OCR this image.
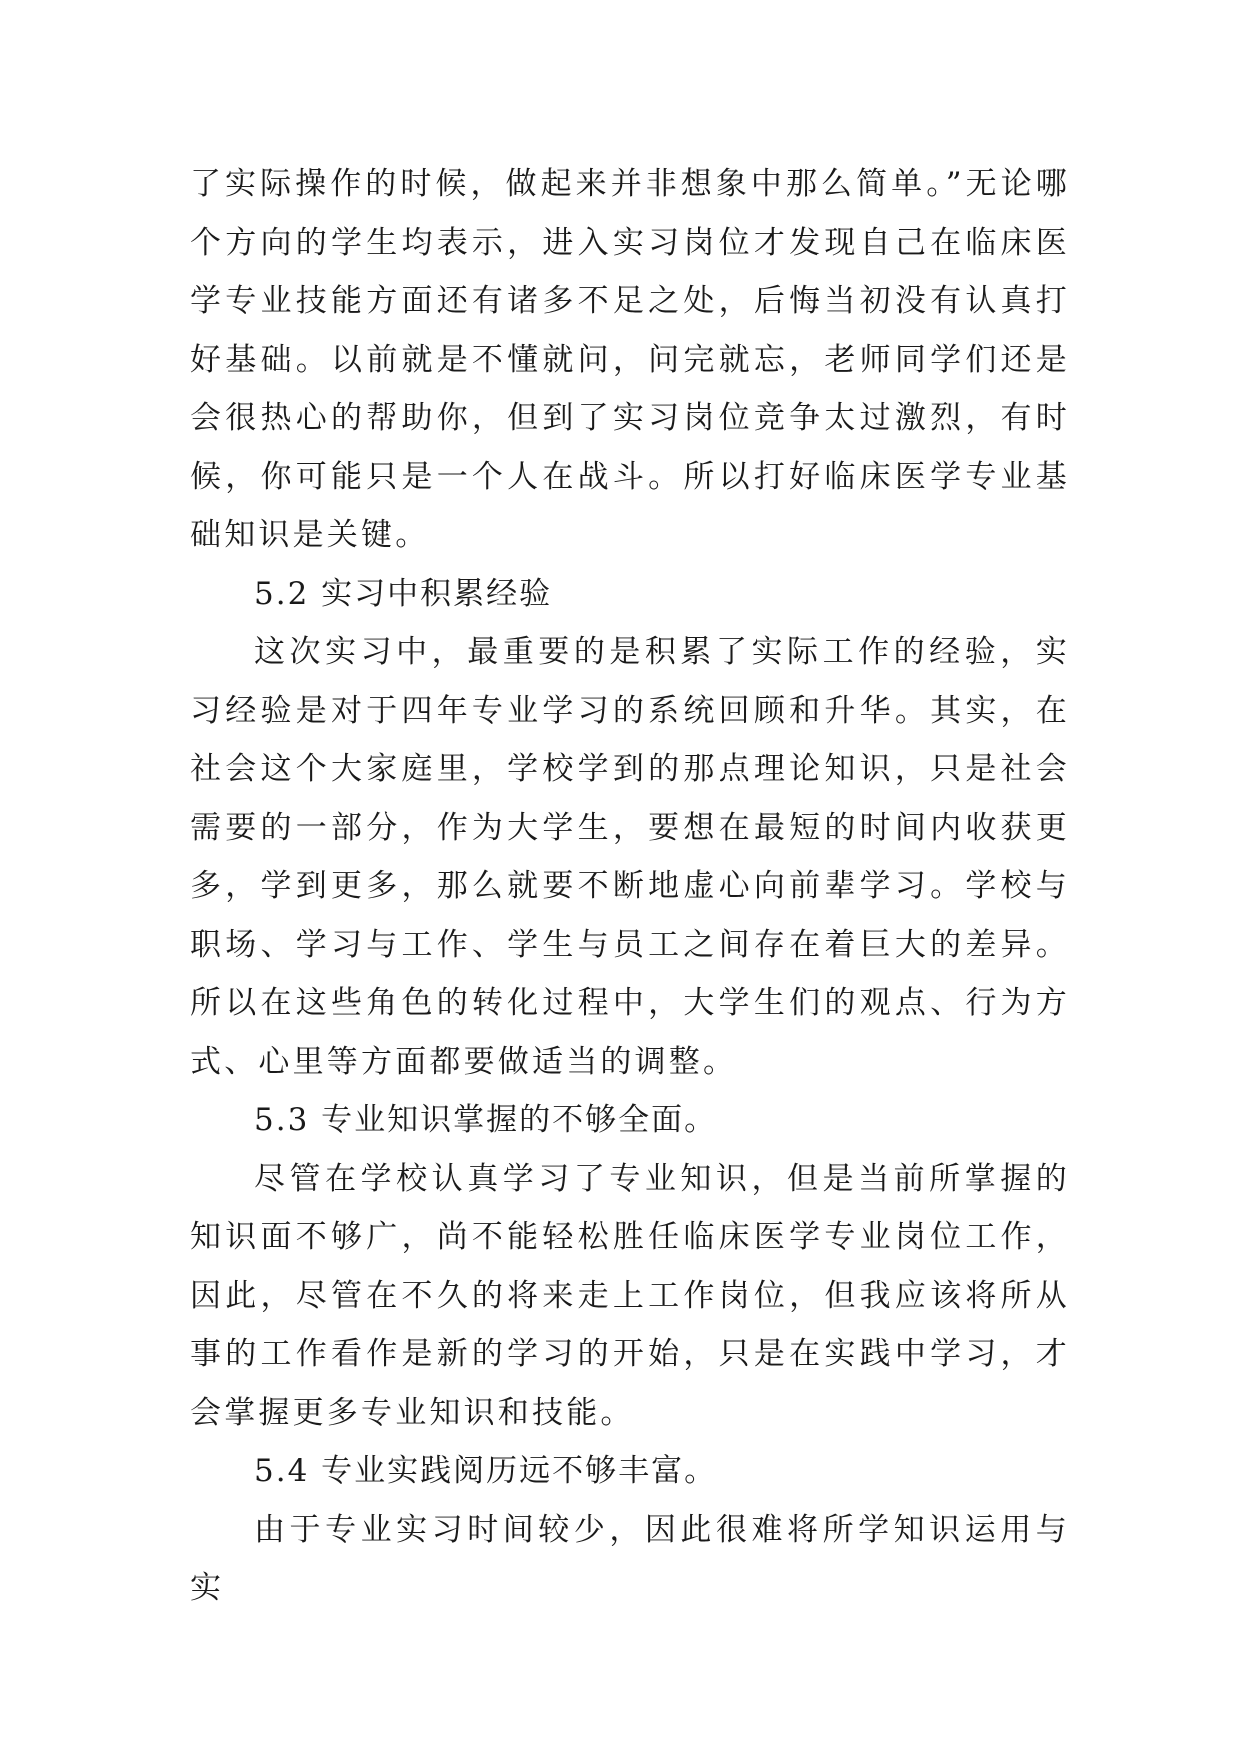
了实际操作的时候，做起来并非想象中那么简单。”无论哪个方向的学生均表示，进入实习岗位才发现自己在临床医学专业技能方面还有诸多不足之处，后悔当初没有认真打好基础。以前就是不懂就问，问完就忘，老师同学们还是会很热心的帮助你，但到了实习岗位竞争太过激烈，有时候，你可能只是一个人在战斗。所以打好临床医学专业基础知识是关键。

5.2 实习中积累经验

这次实习中，最重要的是积累了实际工作的经验，实习经验是对于四年专业学习的系统回顾和升华。其实，在社会这个大家庭里，学校学到的那点理论知识，只是社会需要的一部分，作为大学生，要想在最短的时间内收获更多，学到更多，那么就要不断地虚心向前辈学习。学校与职场、学习与工作、学生与员工之间存在着巨大的差异。所以在这些角色的转化过程中，大学生们的观点、行为方式、心里等方面都要做适当的调整。

5.3 专业知识掌握的不够全面。

尽管在学校认真学习了专业知识，但是当前所掌握的知识面不够广，尚不能轻松胜任临床医学专业岗位工作，因此，尽管在不久的将来走上工作岗位，但我应该将所从事的工作看作是新的学习的开始，只是在实践中学习，才会掌握更多专业知识和技能。

5.4 专业实践阅历远不够丰富。

由于专业实习时间较少，因此很难将所学知识运用与实
